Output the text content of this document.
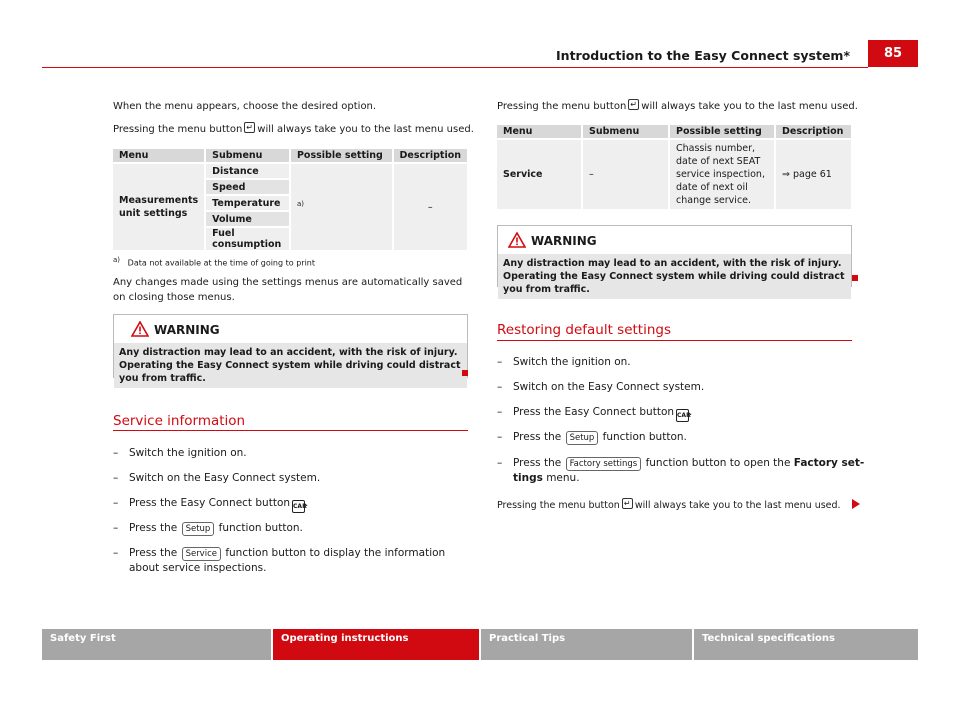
Introduction to the Easy Connect system*	85
When the menu appears, choose the desired option.
Pressing the menu button ↵ will always take you to the last menu used.
Menu	Submenu	Possible setting	Description
Measurements unit settings	Distance	$^{a)}$	–
	Speed		
	Temperature		
	Volume		
	Fuel consumption		
a) Data not available at the time of going to print
Any changes made using the settings menus are automatically saved on closing those menus.
WARNING
Any distraction may lead to an accident, with the risk of injury. Operating the Easy Connect system while driving could distract you from traffic.
Service information
– Switch the ignition on.
– Switch on the Easy Connect system.
– Press the Easy Connect button CAR.
– Press the Setup function button.
– Press the Service function button to display the information
about service inspections.
Pressing the menu button ↵ will always take you to the last menu used.
Menu	Submenu	Possible setting	Description
Service	–	Chassis number, date of next SEAT service inspection, date of next oil change service.	⇒ page 61
WARNING
Any distraction may lead to an accident, with the risk of injury. Operating the Easy Connect system while driving could distract you from traffic.
Restoring default settings
– Switch the ignition on.
– Switch on the Easy Connect system.
– Press the Easy Connect button CAR.
– Press the Setup function button.
– Press the Factory settings function button to open the Factory set-
tings menu.
Pressing the menu button ↵ will always take you to the last menu used.
Safety First	Operating instructions	Practical Tips	Technical specifications
